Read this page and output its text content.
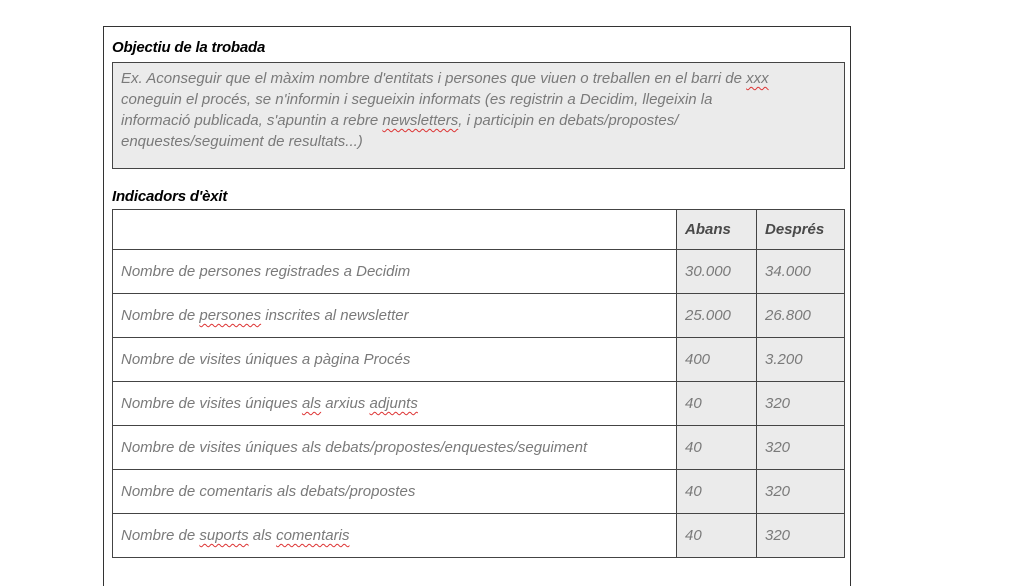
Objectiu de la trobada
Ex. Aconseguir que el màxim nombre d'entitats i persones que viuen o treballen en el barri de xxx
coneguin el procés, se n'informin i segueixin informats (es registrin a Decidim, llegeixin la
informació publicada, s'apuntin a rebre newsletters, i participin en debats/propostes/
enquestes/seguiment de resultats...)
Indicadors d'èxit
	Abans	Després
Nombre de persones registrades a Decidim	30.000	34.000
Nombre de persones inscrites al newsletter	25.000	26.800
Nombre de visites úniques a pàgina Procés	400	3.200
Nombre de visites úniques als arxius adjunts	40	320
Nombre de visites úniques als debats/propostes/enquestes/seguiment	40	320
Nombre de comentaris als debats/propostes	40	320
Nombre de suports als comentaris	40	320
